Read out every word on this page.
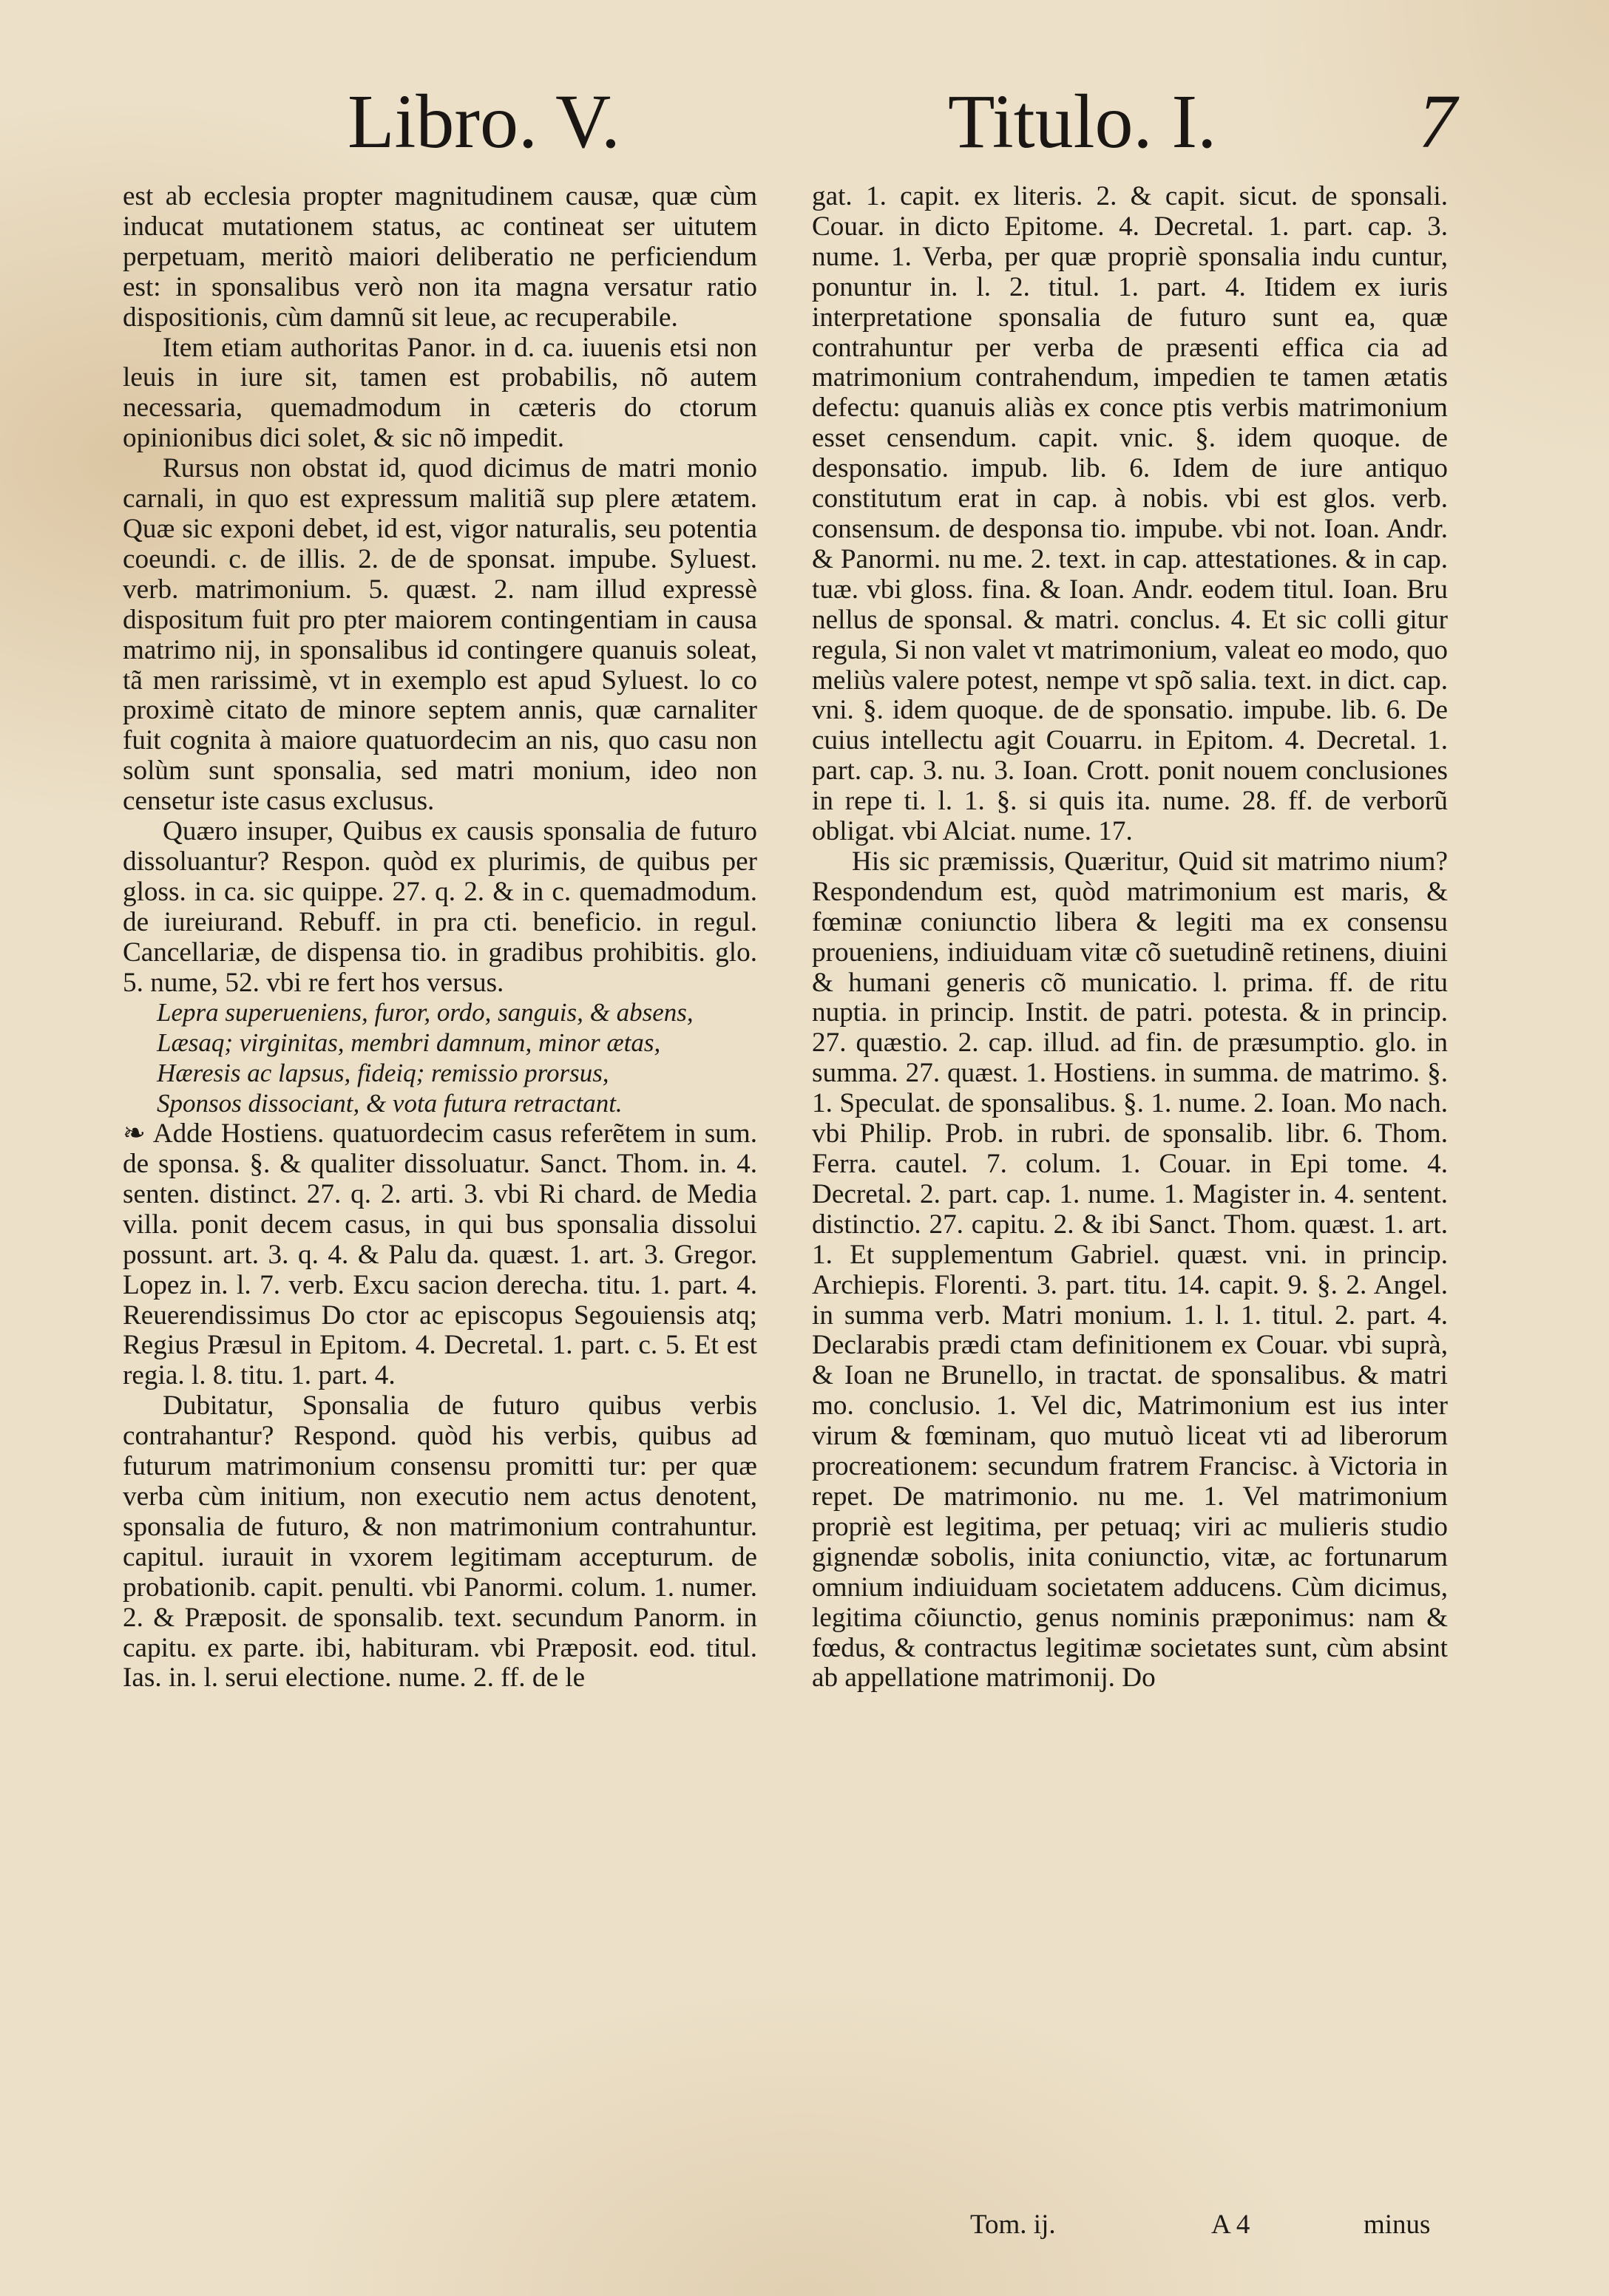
Libro. V.	Titulo. I.	7

est ab ecclesia propter magnitudinem causæ, quæ cùm inducat mutationem status, ac contineat ser uitutem perpetuam, meritò maiori deliberatio ne perficiendum est: in sponsalibus verò non ita magna versatur ratio dispositionis, cùm damnũ sit leue, ac recuperabile.

Item etiam authoritas Panor. in d. ca. iuuenis etsi non leuis in iure sit, tamen est probabilis, nõ autem necessaria, quemadmodum in cæteris do ctorum opinionibus dici solet, & sic nõ impedit.

Rursus non obstat id, quod dicimus de matri monio carnali, in quo est expressum malitiã sup plere ætatem. Quæ sic exponi debet, id est, vigor naturalis, seu potentia coeundi. c. de illis. 2. de de sponsat. impube. Syluest. verb. matrimonium. 5. quæst. 2. nam illud expressè dispositum fuit pro pter maiorem contingentiam in causa matrimo nij, in sponsalibus id contingere quanuis soleat, tã men rarissimè, vt in exemplo est apud Syluest. lo co proximè citato de minore septem annis, quæ carnaliter fuit cognita à maiore quatuordecim an nis, quo casu non solùm sunt sponsalia, sed matri monium, ideo non censetur iste casus exclusus.

Quæro insuper, Quibus ex causis sponsalia de futuro dissoluantur? Respon. quòd ex plurimis, de quibus per gloss. in ca. sic quippe. 27. q. 2. & in c. quemadmodum. de iureiurand. Rebuff. in pra cti. beneficio. in regul. Cancellariæ, de dispensa tio. in gradibus prohibitis. glo. 5. nume, 52. vbi re fert hos versus.

Lepra superueniens, furor, ordo, sanguis, & absens,
Læsaq; virginitas, membri damnum, minor ætas,
Hæresis ac lapsus, fideiq; remissio prorsus,
Sponsos dissociant, & vota futura retractant.

❧ Adde Hostiens. quatuordecim casus referẽtem in sum. de sponsa. §. & qualiter dissoluatur. Sanct. Thom. in. 4. senten. distinct. 27. q. 2. arti. 3. vbi Ri chard. de Media villa. ponit decem casus, in qui bus sponsalia dissolui possunt. art. 3. q. 4. & Palu da. quæst. 1. art. 3. Gregor. Lopez in. l. 7. verb. Excu sacion derecha. titu. 1. part. 4. Reuerendissimus Do ctor ac episcopus Segouiensis atq; Regius Præsul in Epitom. 4. Decretal. 1. part. c. 5. Et est regia. l. 8. titu. 1. part. 4.

Dubitatur, Sponsalia de futuro quibus verbis contrahantur? Respond. quòd his verbis, quibus ad futurum matrimonium consensu promitti tur: per quæ verba cùm initium, non executio nem actus denotent, sponsalia de futuro, & non matrimonium contrahuntur. capitul. iurauit in vxorem legitimam accepturum. de probationib. capit. penulti. vbi Panormi. colum. 1. numer. 2. & Præposit. de sponsalib. text. secundum Panorm. in capitu. ex parte. ibi, habituram. vbi Præposit. eod. titul. Ias. in. l. serui electione. nume. 2. ff. de le

gat. 1. capit. ex literis. 2. & capit. sicut. de sponsali. Couar. in dicto Epitome. 4. Decretal. 1. part. cap. 3. nume. 1. Verba, per quæ propriè sponsalia indu cuntur, ponuntur in. l. 2. titul. 1. part. 4. Itidem ex iuris interpretatione sponsalia de futuro sunt ea, quæ contrahuntur per verba de præsenti effica cia ad matrimonium contrahendum, impedien te tamen ætatis defectu: quanuis aliàs ex conce ptis verbis matrimonium esset censendum. capit. vnic. §. idem quoque. de desponsatio. impub. lib. 6. Idem de iure antiquo constitutum erat in cap. à nobis. vbi est glos. verb. consensum. de desponsa tio. impube. vbi not. Ioan. Andr. & Panormi. nu me. 2. text. in cap. attestationes. & in cap. tuæ. vbi gloss. fina. & Ioan. Andr. eodem titul. Ioan. Bru nellus de sponsal. & matri. conclus. 4. Et sic colli gitur regula, Si non valet vt matrimonium, valeat eo modo, quo meliùs valere potest, nempe vt spõ salia. text. in dict. cap. vni. §. idem quoque. de de sponsatio. impube. lib. 6. De cuius intellectu agit Couarru. in Epitom. 4. Decretal. 1. part. cap. 3. nu. 3. Ioan. Crott. ponit nouem conclusiones in repe ti. l. 1. §. si quis ita. nume. 28. ff. de verborũ obligat. vbi Alciat. nume. 17.

His sic præmissis, Quæritur, Quid sit matrimo nium? Respondendum est, quòd matrimonium est maris, & fœminæ coniunctio libera & legiti ma ex consensu proueniens, indiuiduam vitæ cõ suetudinẽ retinens, diuini & humani generis cõ municatio. l. prima. ff. de ritu nuptia. in princip. Instit. de patri. potesta. & in princip. 27. quæstio. 2. cap. illud. ad fin. de præsumptio. glo. in summa. 27. quæst. 1. Hostiens. in summa. de matrimo. §. 1. Speculat. de sponsalibus. §. 1. nume. 2. Ioan. Mo nach. vbi Philip. Prob. in rubri. de sponsalib. libr. 6. Thom. Ferra. cautel. 7. colum. 1. Couar. in Epi tome. 4. Decretal. 2. part. cap. 1. nume. 1. Magister in. 4. sentent. distinctio. 27. capitu. 2. & ibi Sanct. Thom. quæst. 1. art. 1. Et supplementum Gabriel. quæst. vni. in princip. Archiepis. Florenti. 3. part. titu. 14. capit. 9. §. 2. Angel. in summa verb. Matri monium. 1. l. 1. titul. 2. part. 4. Declarabis prædi ctam definitionem ex Couar. vbi suprà, & Ioan ne Brunello, in tractat. de sponsalibus. & matri mo. conclusio. 1. Vel dic, Matrimonium est ius inter virum & fœminam, quo mutuò liceat vti ad liberorum procreationem: secundum fratrem Francisc. à Victoria in repet. De matrimonio. nu me. 1. Vel matrimonium propriè est legitima, per petuaq; viri ac mulieris studio gignendæ sobolis, inita coniunctio, vitæ, ac fortunarum omnium indiuiduam societatem adducens. Cùm dicimus, legitima cõiunctio, genus nominis præponimus: nam & fœdus, & contractus legitimæ societates sunt, cùm absint ab appellatione matrimonij. Do

Tom. ij.	A 4	minus
